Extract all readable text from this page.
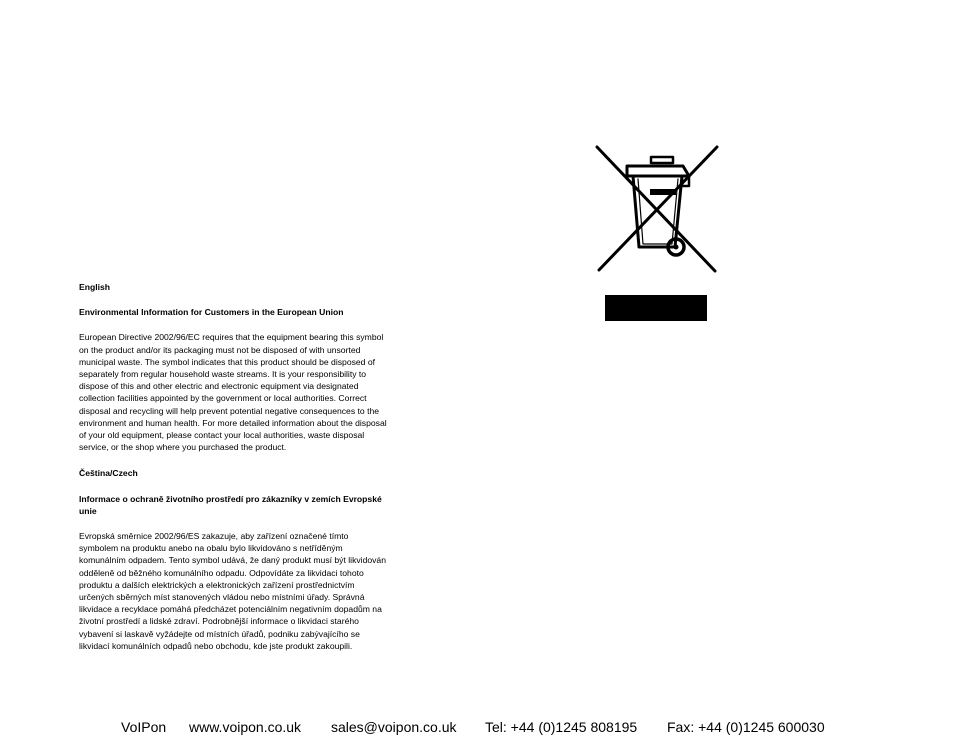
English

Environmental Information for Customers in the European Union

European Directive 2002/96/EC requires that the equipment bearing this symbol

on the product and/or its packaging must not be disposed of with unsorted

municipal waste. The symbol indicates that this product should be disposed of

separately from regular household waste streams. It is your responsibility to

dispose of this and other electric and electronic equipment via designated

collection facilities appointed by the government or local authorities. Correct

disposal and recycling will help prevent potential negative consequences to the

environment and human health. For more detailed information about the disposal

of your old equipment, please contact your local authorities, waste disposal

service, or the shop where you purchased the product.

Čeština/Czech

Informace o ochraně životního prostředí pro zákazníky v zemích Evropské

unie

Evropská směrnice 2002/96/ES zakazuje, aby zařízení označené tímto

symbolem na produktu anebo na obalu bylo likvidováno s netříděným

komunálním odpadem. Tento symbol udává, že daný produkt musí být likvidován

odděleně od běžného komunálního odpadu. Odpovídáte za likvidaci tohoto

produktu a dalších elektrických a elektronických zařízení prostřednictvím

určených sběrných míst stanovených vládou nebo místními úřady. Správná

likvidace a recyklace pomáhá předcházet potenciálním negativním dopadům na

životní prostředí a lidské zdraví. Podrobnější informace o likvidaci starého

vybavení si laskavě vyžádejte od místních úřadů, podniku zabývajícího se

likvidací komunálních odpadů nebo obchodu, kde jste produkt zakoupili.

VoIPon www.voipon.co.uk sales@voipon.co.uk Tel: +44 (0)1245 808195 Fax: +44 (0)1245 600030
